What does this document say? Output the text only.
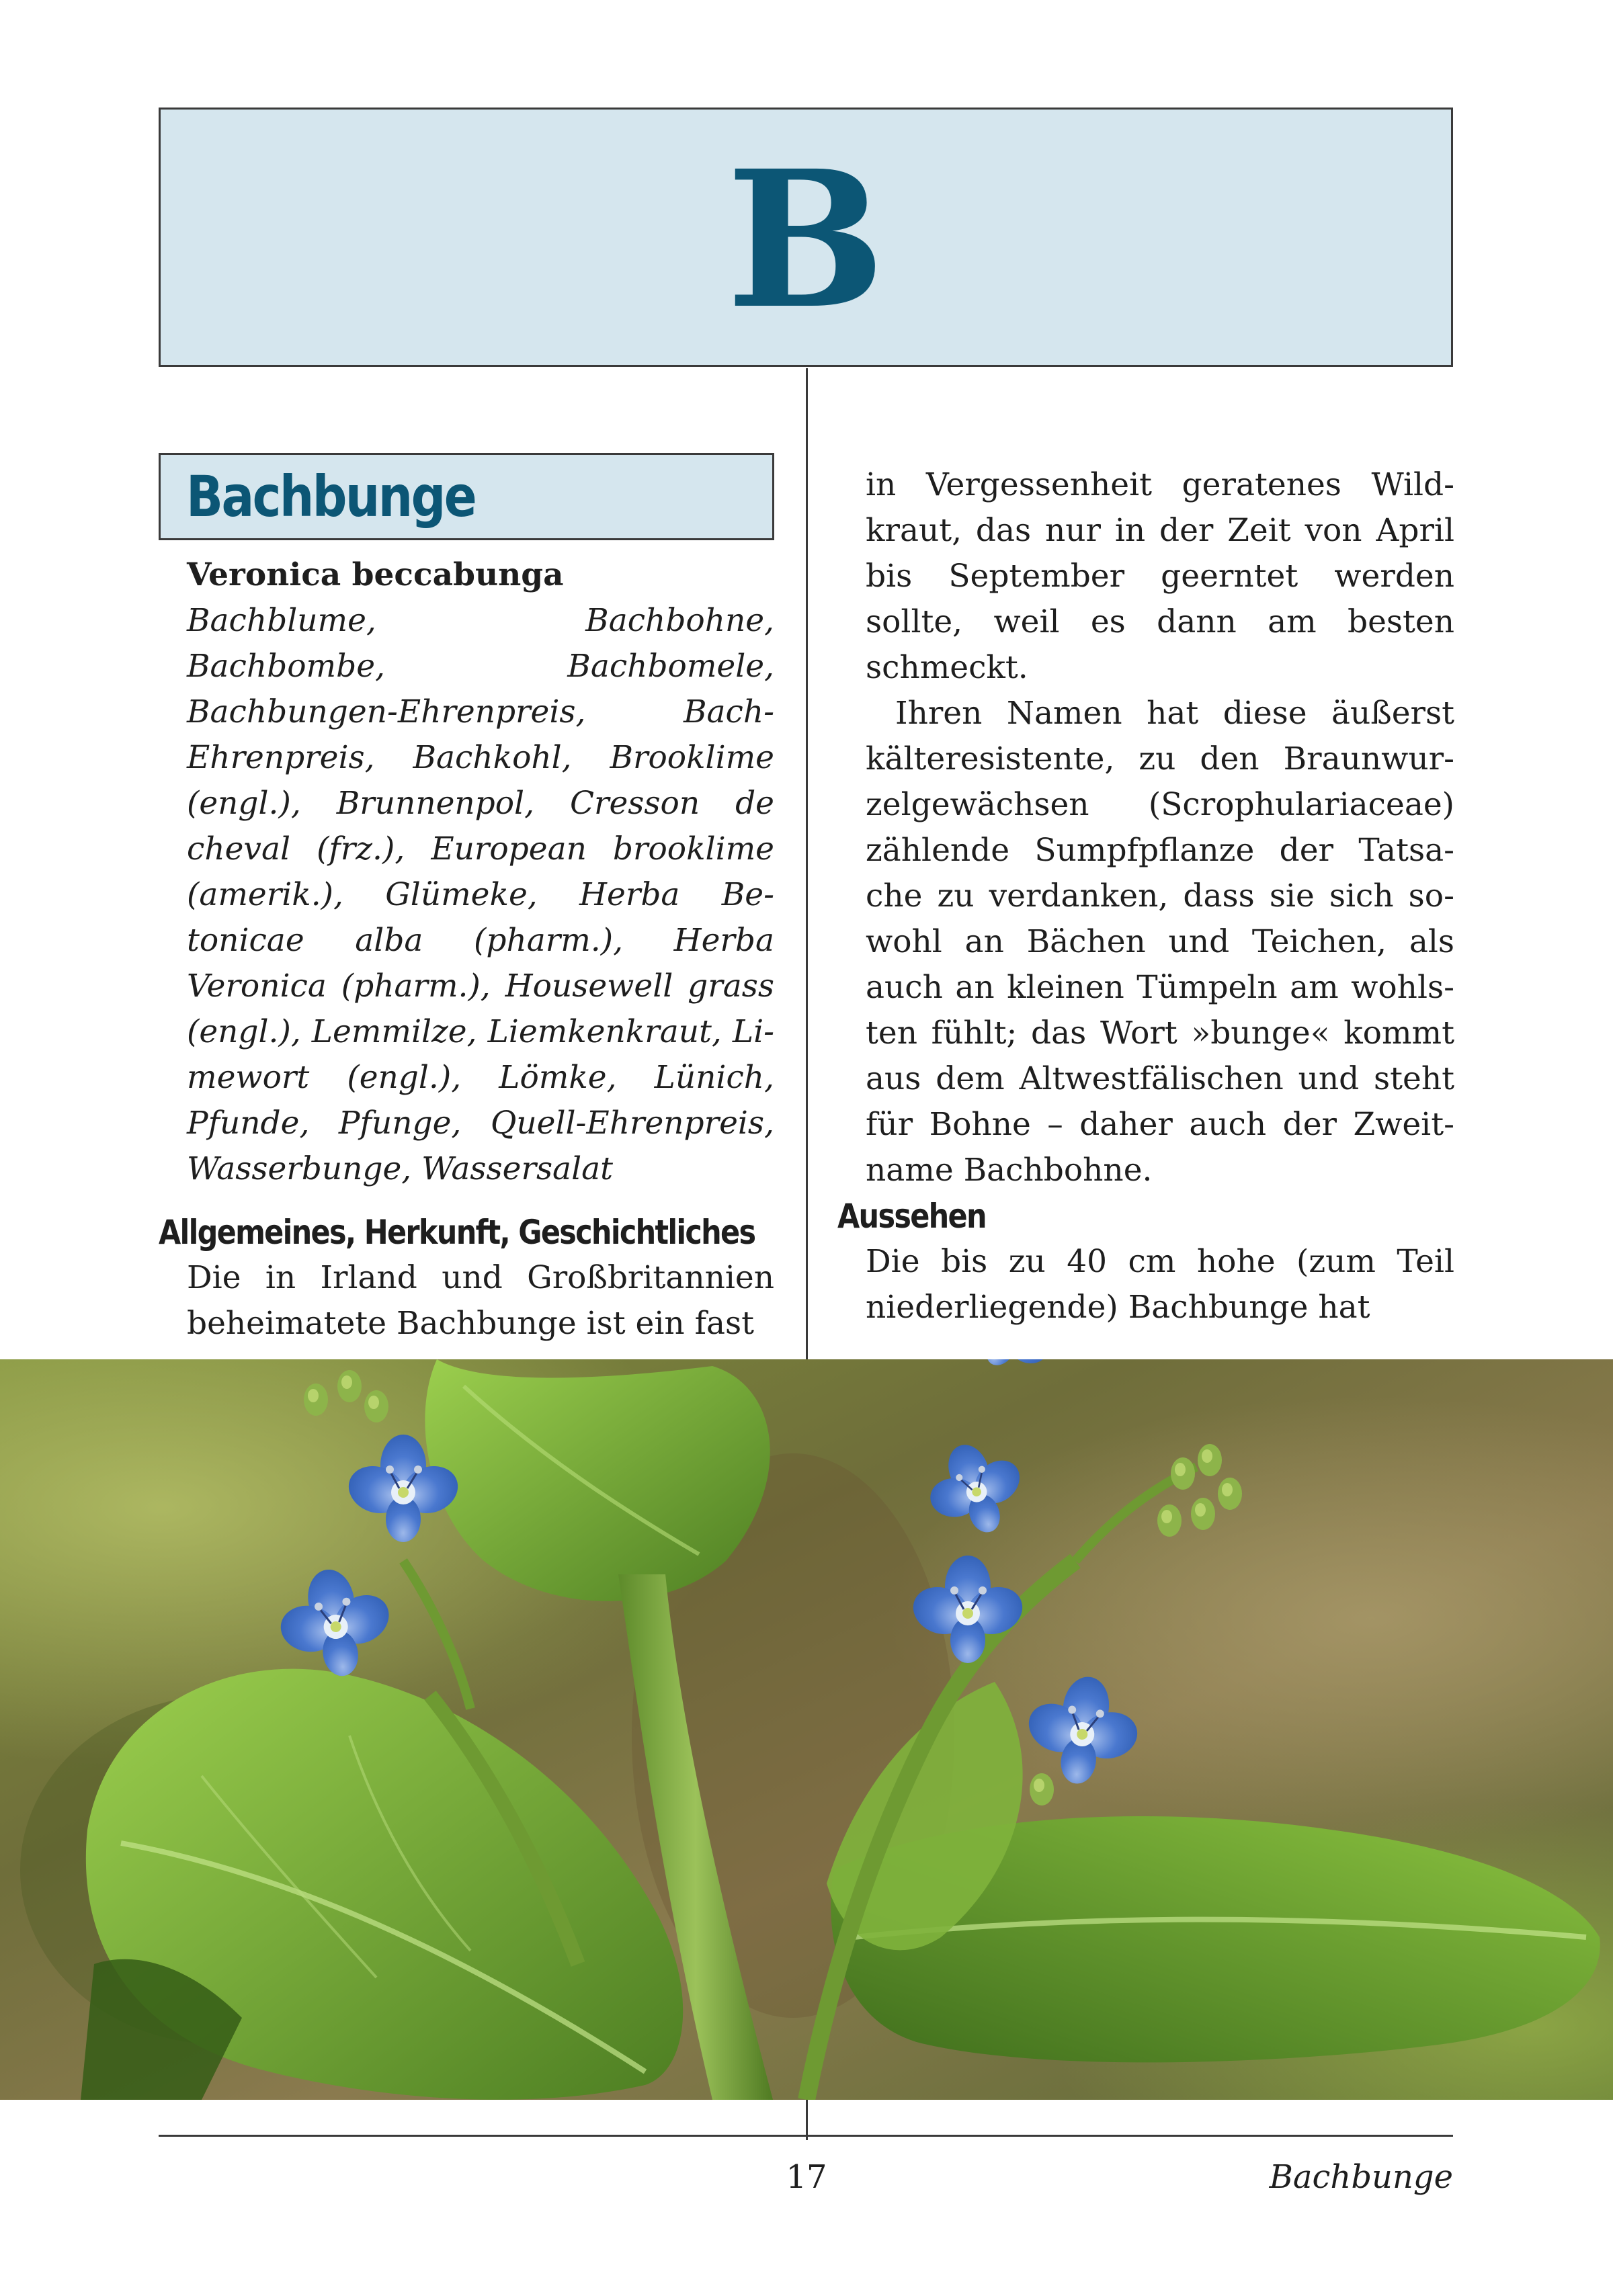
B
Bachbunge
Veronica beccabunga
Bachblume, Bachbohne, Bachbombe, Bachbomele, Bachbungen-Ehrenpreis, Bach-Ehrenpreis, Bachkohl, Brooklime (engl.), Brunnenpol, Cresson de cheval (frz.), European brooklime (amerik.), Glümeke, Herba Betonicae alba (pharm.), Herba Veronica (pharm.), Housewell grass (engl.), Lemmilze, Liemkenkraut, Limewort (engl.), Lömke, Lünich, Pfunde, Pfunge, Quell-Ehrenpreis, Wasserbunge, Wassersalat
Allgemeines, Herkunft, Geschichtliches
Die in Irland und Großbritannien beheimatete Bachbunge ist ein fast
in Vergessenheit geratenes Wildkraut, das nur in der Zeit von April bis September geerntet werden sollte, weil es dann am besten schmeckt.
Ihren Namen hat diese äußerst kälteresistente, zu den Braunwurzelgewächsen (Scrophulariaceae) zählende Sumpfpflanze der Tatsache zu verdanken, dass sie sich sowohl an Bächen und Teichen, als auch an kleinen Tümpeln am wohlsten fühlt; das Wort »bunge« kommt aus dem Altwestfälischen und steht für Bohne – daher auch der Zweitname Bachbohne.
Aussehen
Die bis zu 40 cm hohe (zum Teil niederliegende) Bachbunge hat
17	Bachbunge
